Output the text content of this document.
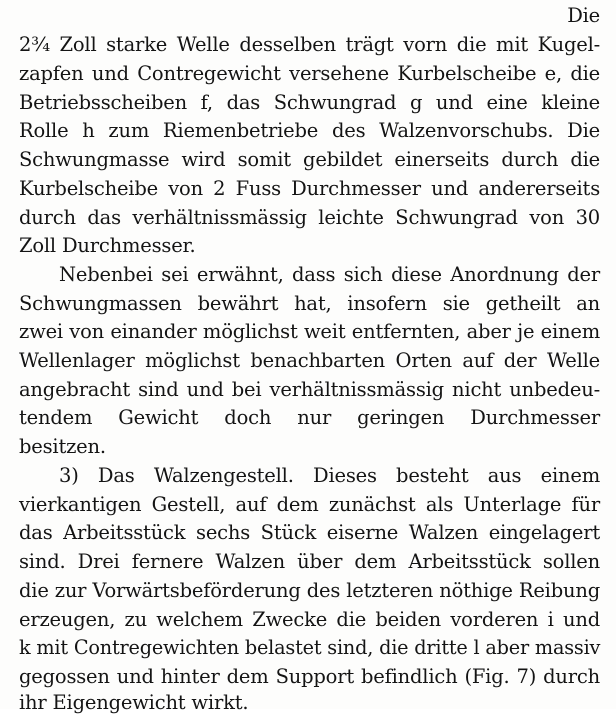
Die
2¾ Zoll starke Welle desselben trägt vorn die mit Kugel-
zapfen und Contregewicht versehene Kurbelscheibe e, die
Betriebsscheiben f, das Schwungrad g und eine kleine
Rolle h zum Riemenbetriebe des Walzenvorschubs. Die
Schwungmasse wird somit gebildet einerseits durch die
Kurbelscheibe von 2 Fuss Durchmesser und andererseits
durch das verhältnissmässig leichte Schwungrad von 30
Zoll Durchmesser.
Nebenbei sei erwähnt, dass sich diese Anordnung der
Schwungmassen bewährt hat, insofern sie getheilt an
zwei von einander möglichst weit entfernten, aber je einem
Wellenlager möglichst benachbarten Orten auf der Welle
angebracht sind und bei verhältnissmässig nicht unbedeu-
tendem Gewicht doch nur geringen Durchmesser
besitzen.
3) Das Walzengestell. Dieses besteht aus einem
vierkantigen Gestell, auf dem zunächst als Unterlage für
das Arbeitsstück sechs Stück eiserne Walzen eingelagert
sind. Drei fernere Walzen über dem Arbeitsstück sollen
die zur Vorwärtsbeförderung des letzteren nöthige Reibung
erzeugen, zu welchem Zwecke die beiden vorderen i und
k mit Contregewichten belastet sind, die dritte l aber massiv
gegossen und hinter dem Support befindlich (Fig. 7) durch
ihr Eigengewicht wirkt.
